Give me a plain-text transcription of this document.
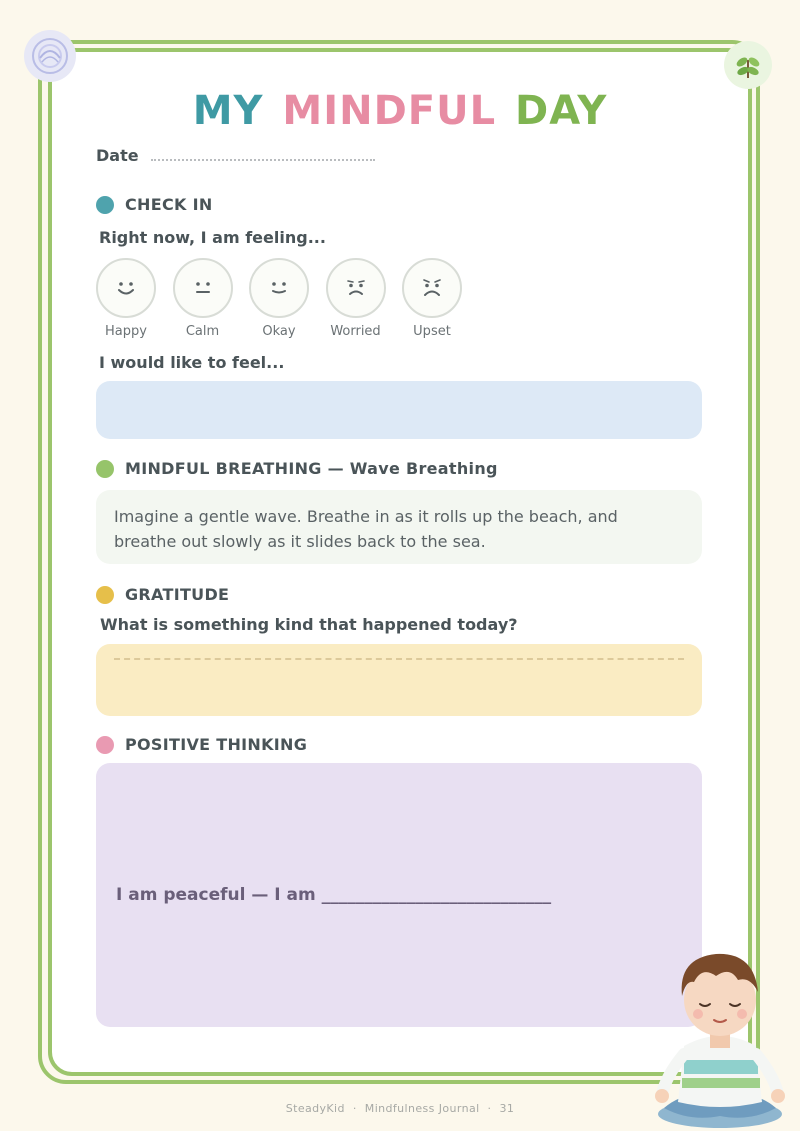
MY MINDFUL DAY
Date
CHECK IN
Right now, I am feeling...
Happy	Calm	Okay	Worried Upset
I would like to feel...
MINDFUL BREATHING — Wave Breathing
Imagine a gentle wave. Breathe in as it rolls up the beach, and breathe out slowly as it slides back to the sea.
GRATITUDE
What is something kind that happened today?
POSITIVE THINKING
I am peaceful — I am ___________________________
SteadyKid · Mindfulness Journal · 31
